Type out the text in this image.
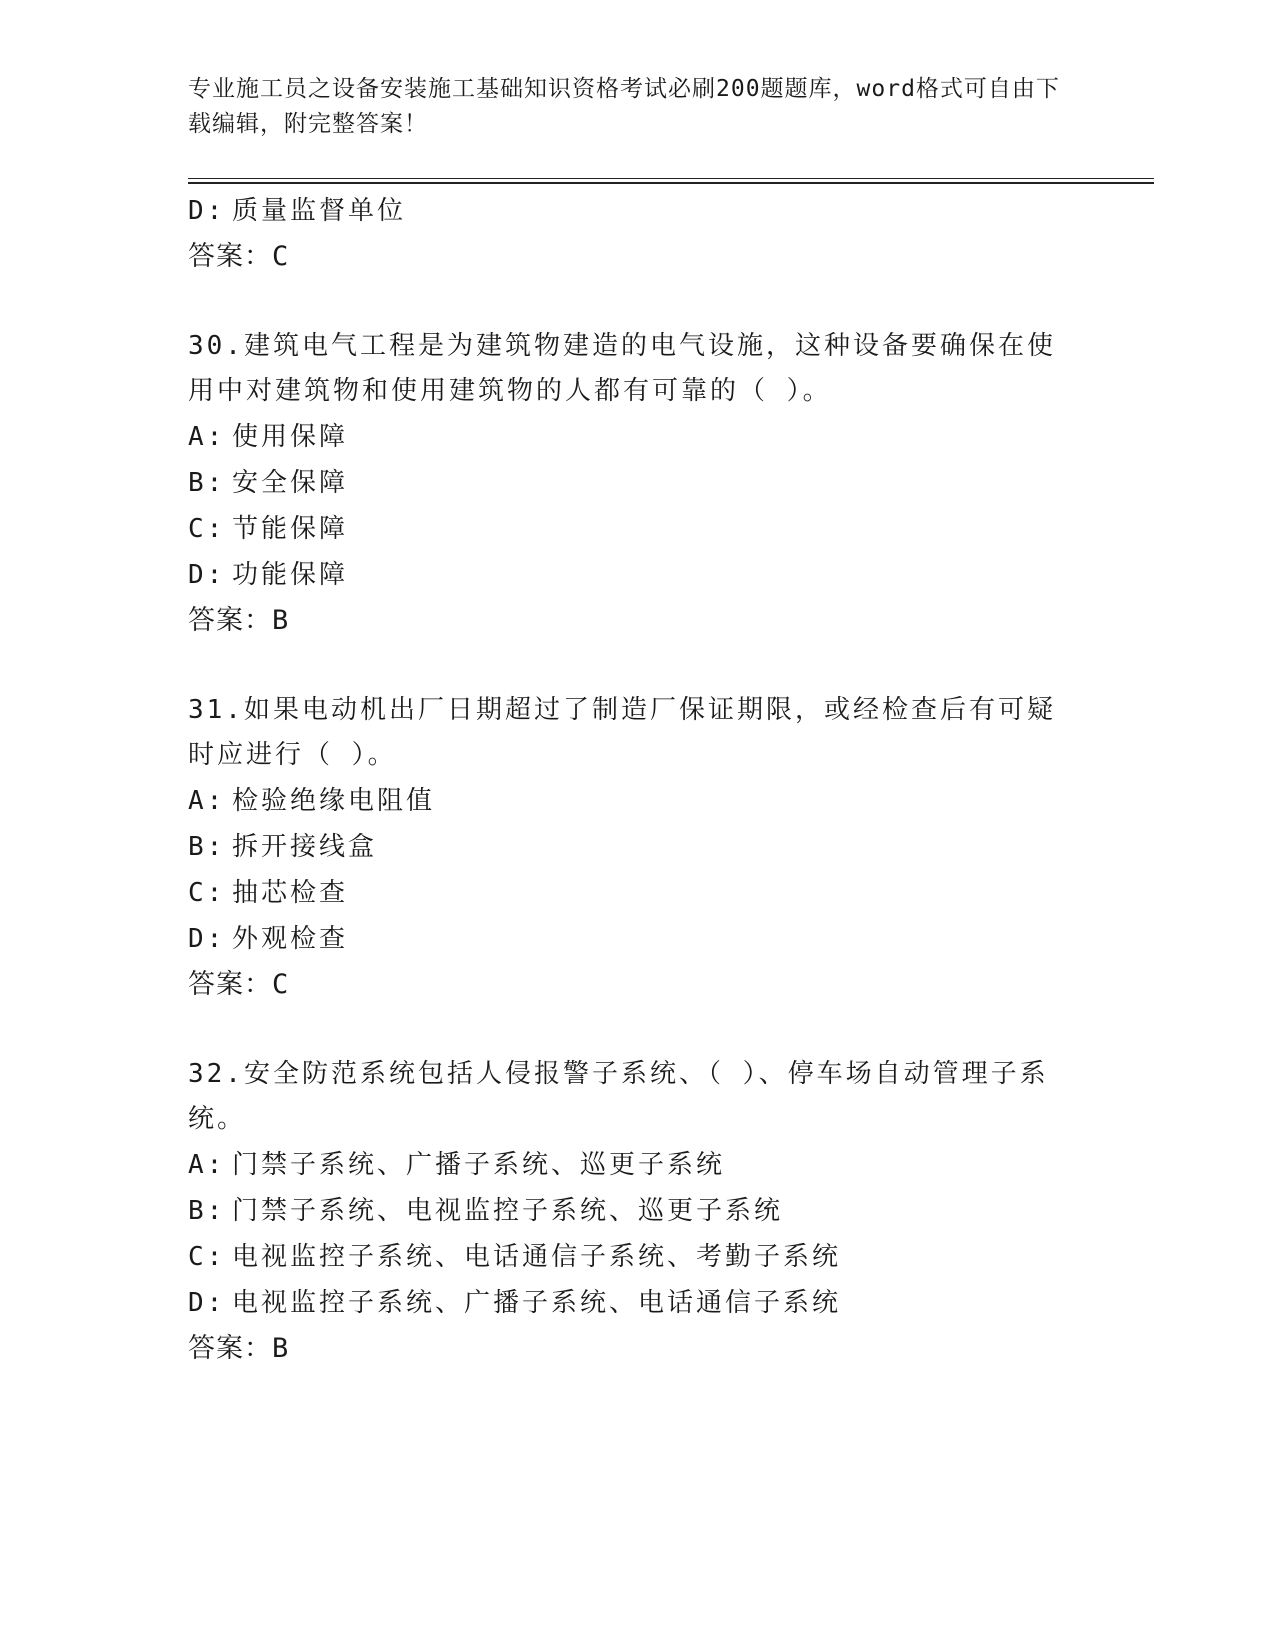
专业施工员之设备安装施工基础知识资格考试必刷200题题库，word格式可自由下载编辑，附完整答案！
D: 质量监督单位
答案：C
30.建筑电气工程是为建筑物建造的电气设施，这种设备要确保在使用中对建筑物和使用建筑物的人都有可靠的（ ）。
A: 使用保障
B: 安全保障
C: 节能保障
D: 功能保障
答案：B
31.如果电动机出厂日期超过了制造厂保证期限，或经检查后有可疑时应进行（ ）。
A: 检验绝缘电阻值
B: 拆开接线盒
C: 抽芯检查
D: 外观检查
答案：C
32.安全防范系统包括人侵报警子系统、（ ）、停车场自动管理子系统。
A: 门禁子系统、广播子系统、巡更子系统
B: 门禁子系统、电视监控子系统、巡更子系统
C: 电视监控子系统、电话通信子系统、考勤子系统
D: 电视监控子系统、广播子系统、电话通信子系统
答案：B
